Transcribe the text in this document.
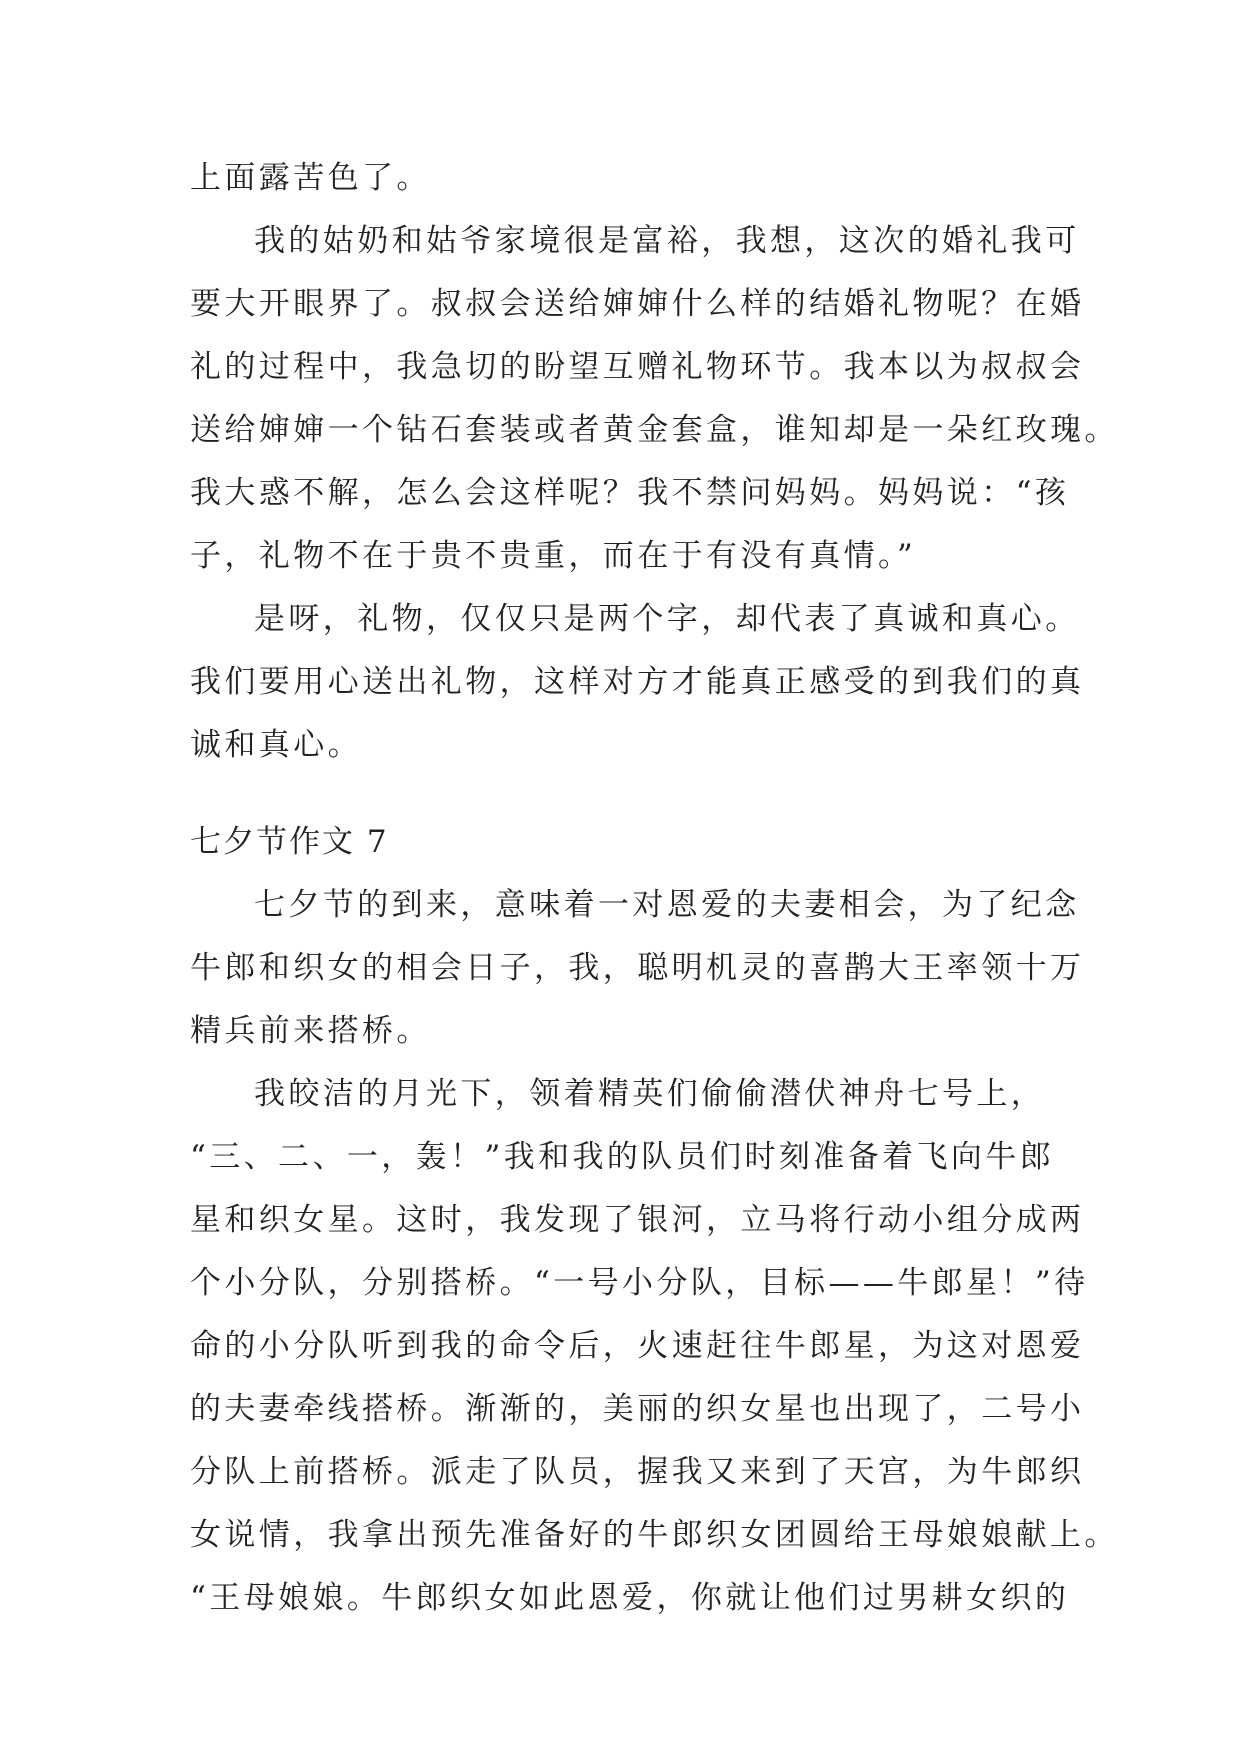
上面露苦色了。
我的姑奶和姑爷家境很是富裕，我想，这次的婚礼我可
要大开眼界了。叔叔会送给婶婶什么样的结婚礼物呢？在婚
礼的过程中，我急切的盼望互赠礼物环节。我本以为叔叔会
送给婶婶一个钻石套装或者黄金套盒，谁知却是一朵红玫瑰。
我大惑不解，怎么会这样呢？我不禁问妈妈。妈妈说：“孩
子，礼物不在于贵不贵重，而在于有没有真情。”
是呀，礼物，仅仅只是两个字，却代表了真诚和真心。
我们要用心送出礼物，这样对方才能真正感受的到我们的真
诚和真心。
七夕节作文 7
七夕节的到来，意味着一对恩爱的夫妻相会，为了纪念
牛郎和织女的相会日子，我，聪明机灵的喜鹊大王率领十万
精兵前来搭桥。
我皎洁的月光下，领着精英们偷偷潜伏神舟七号上，
“三、二、一，轰！”我和我的队员们时刻准备着飞向牛郎
星和织女星。这时，我发现了银河，立马将行动小组分成两
个小分队，分别搭桥。“一号小分队，目标——牛郎星！”待
命的小分队听到我的命令后，火速赶往牛郎星，为这对恩爱
的夫妻牵线搭桥。渐渐的，美丽的织女星也出现了，二号小
分队上前搭桥。派走了队员，握我又来到了天宫，为牛郎织
女说情，我拿出预先准备好的牛郎织女团圆给王母娘娘献上。
“王母娘娘。牛郎织女如此恩爱，你就让他们过男耕女织的
